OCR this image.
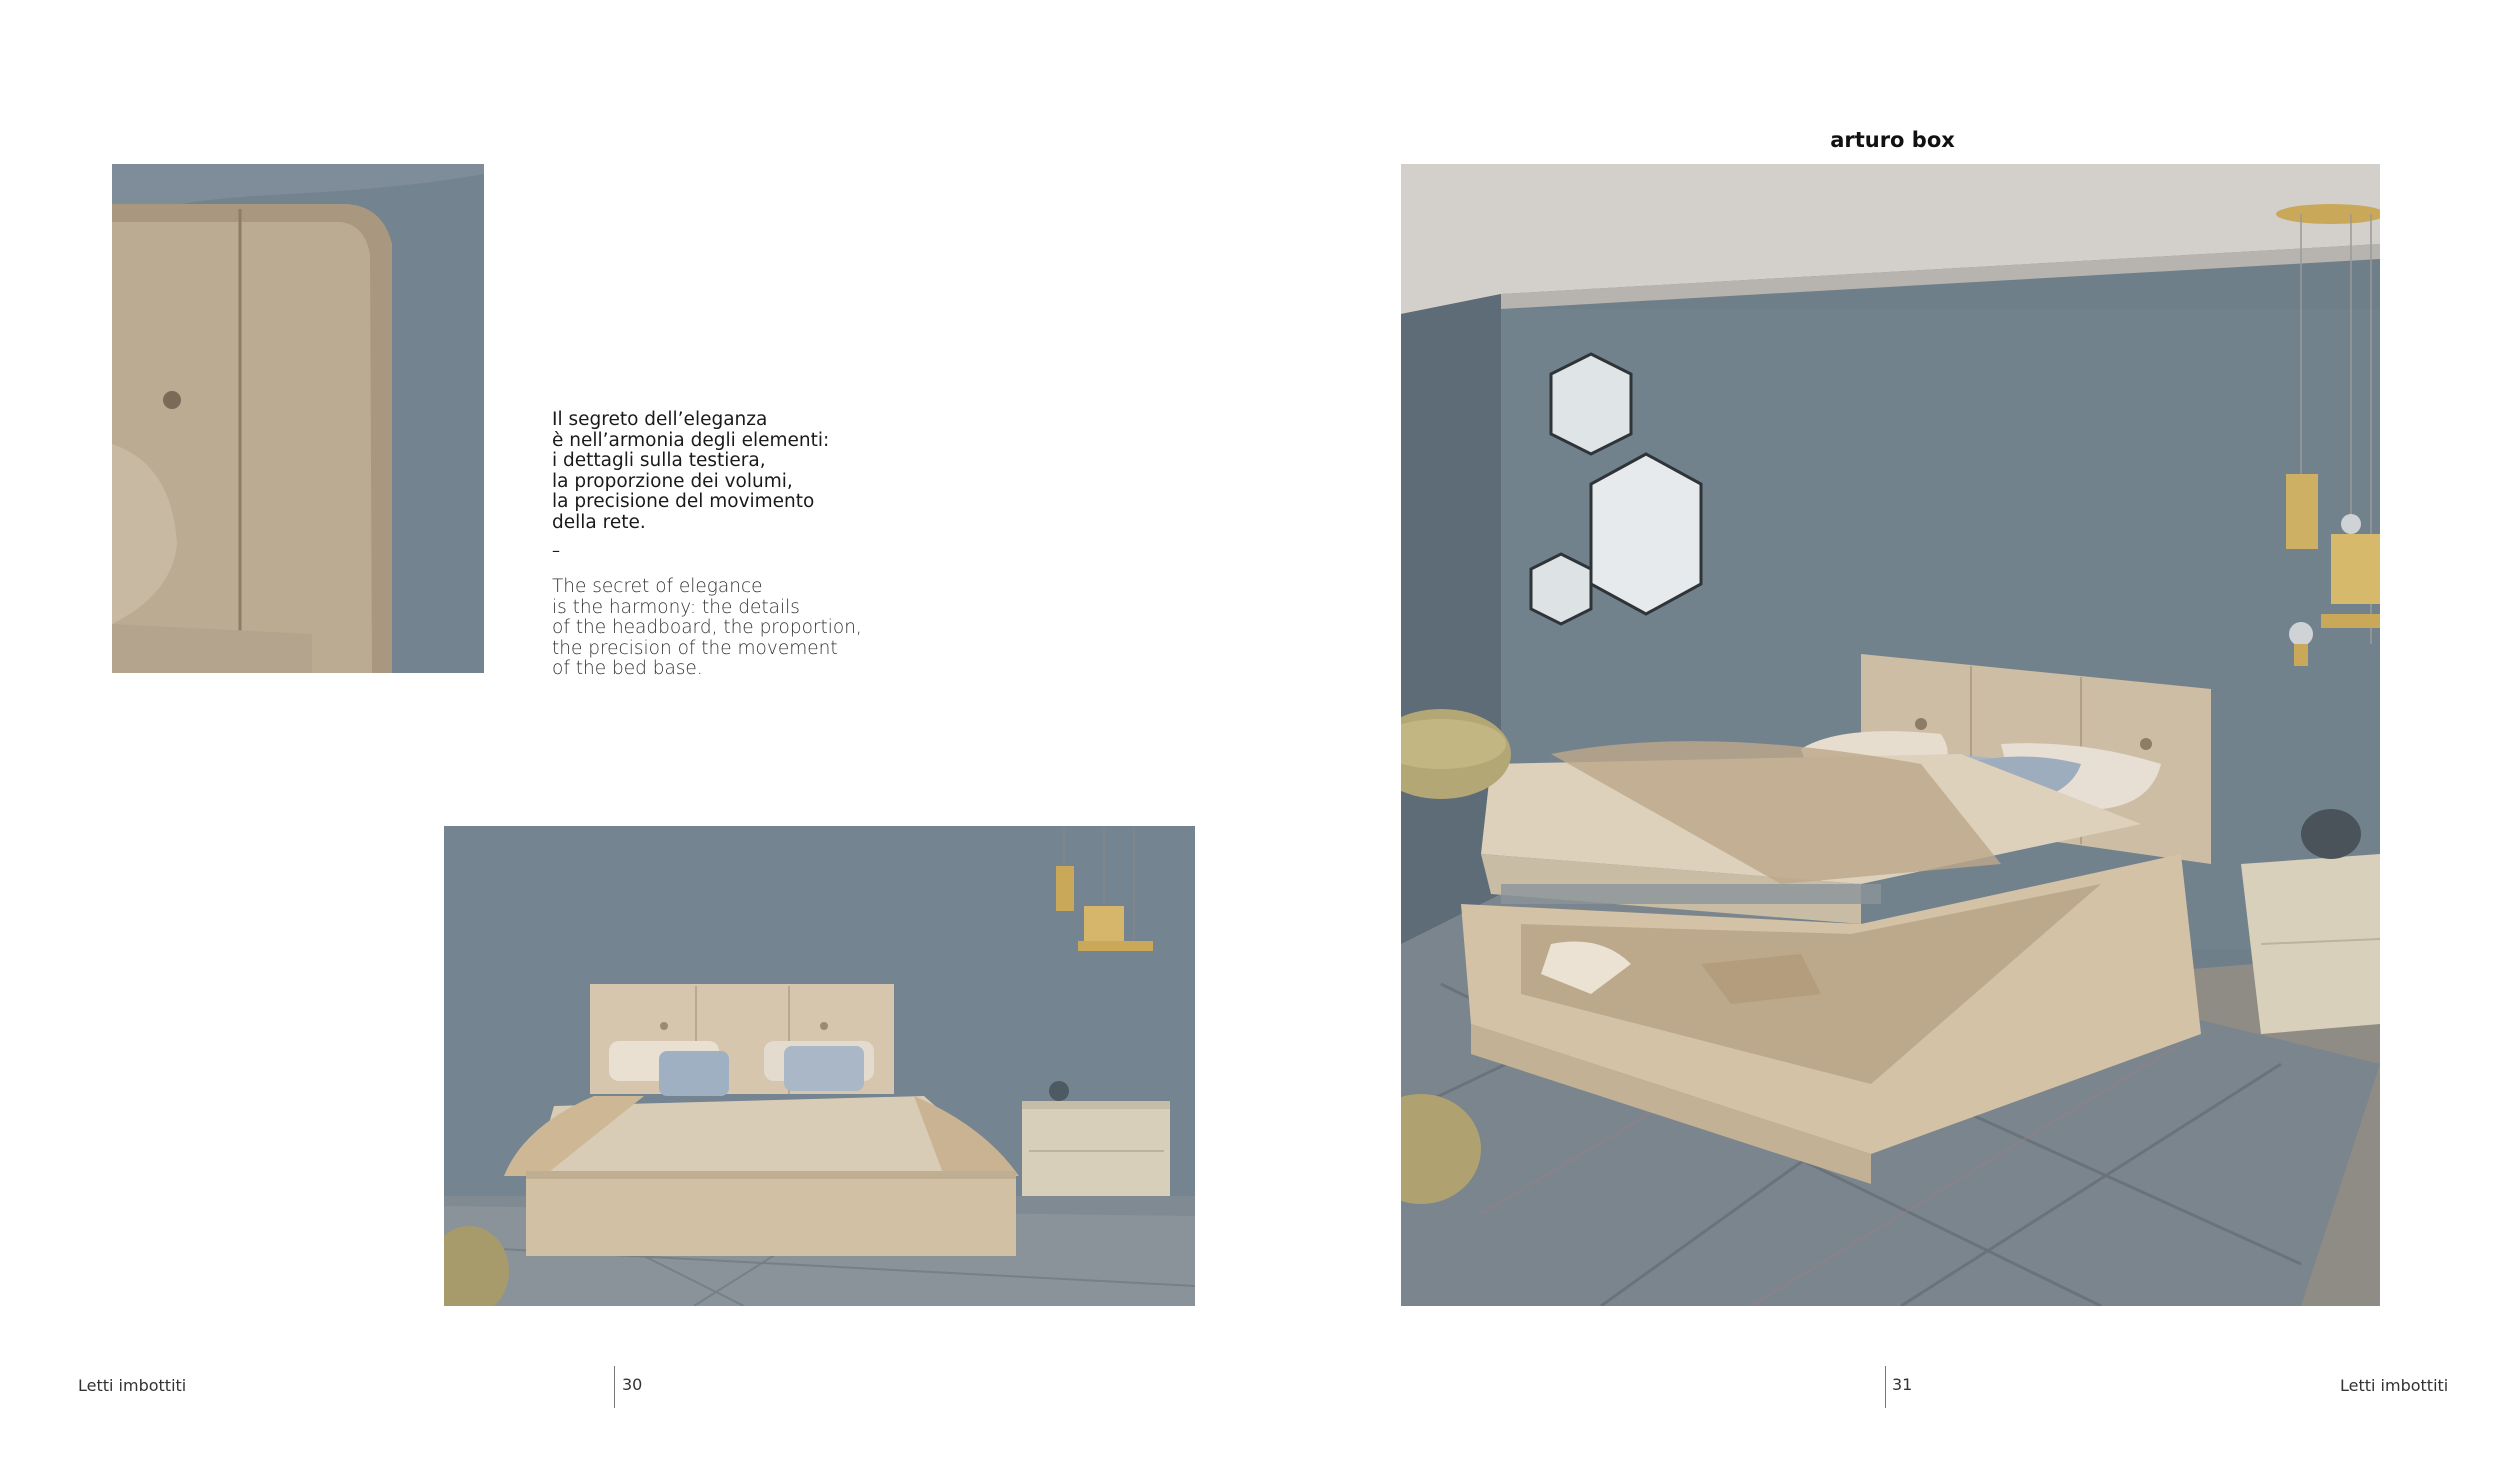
Il segreto dell’eleganza
è nell’armonia degli elementi:
i dettagli sulla testiera,
la proporzione dei volumi,
la precisione del movimento
della rete.
–
The secret of elegance
is the harmony: the details
of the headboard, the proportion,
the precision of the movement
of the bed base.
arturo box
Letti imbottiti	30	31	Letti imbottiti
